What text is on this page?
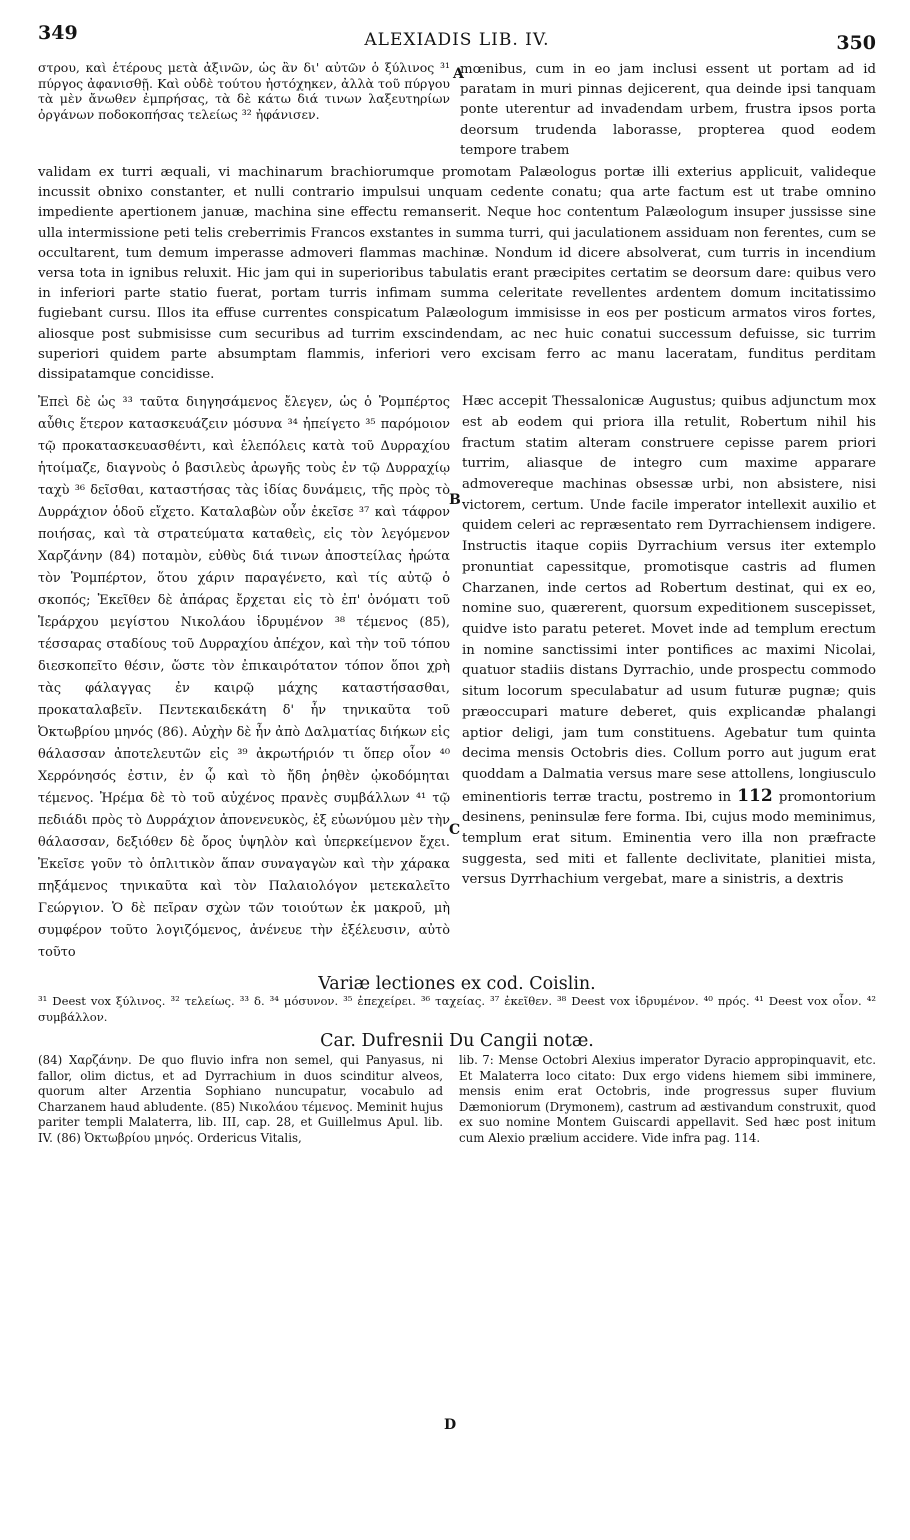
349	ALEXIADIS LIB. IV.	350
στρου, καὶ ἑτέρους μετὰ ἀξινῶν, ὡς ἂν δι' αὐτῶν ὁ ξύλινος ³¹ πύργος ἀφανισθῇ. Καὶ οὐδὲ τούτου ἠστόχηκεν, ἀλλὰ τοῦ πύργου τὰ μὲν ἄνωθεν ἐμπρήσας, τὰ δὲ κάτω διά τινων λαξευτηρίων ὀργάνων ποδοκοπήσας τελείως ³² ἠφάνισεν.
mœnibus, cum in eo jam inclusi essent ut portam ad id paratam in muri pinnas dejicerent, qua deinde ipsi tanquam ponte uterentur ad invadendam urbem, frustra ipsos porta deorsum trudenda laborasse, propterea quod eodem tempore trabem
A
validam ex turri æquali, vi machinarum brachiorumque promotam Palæologus portæ illi exterius applicuit, valideque incussit obnixo constanter, et nulli contrario impulsui unquam cedente conatu; qua arte factum est ut trabe omnino impediente apertionem januæ, machina sine effectu remanserit. Neque hoc contentum Palæologum insuper jussisse sine ulla intermissione peti telis creberrimis Francos exstantes in summa turri, qui jaculationem assiduam non ferentes, cum se occultarent, tum demum imperasse admoveri flammas machinæ. Nondum id dicere absolverat, cum turris in incendium versa tota in ignibus reluxit. Hic jam qui in superioribus tabulatis erant præcipites certatim se deorsum dare: quibus vero in inferiori parte statio fuerat, portam turris infimam summa celeritate revellentes ardentem domum incitatissimo fugiebant cursu. Illos ita effuse currentes conspicatum Palæologum immisisse in eos per posticum armatos viros fortes, aliosque post submisisse cum securibus ad turrim exscindendam, ac nec huic conatui successum defuisse, sic turrim superiori quidem parte absumptam flammis, inferiori vero excisam ferro ac manu laceratam, funditus perditam dissipatamque concidisse.
Ἐπεὶ δὲ ὡς ³³ ταῦτα διηγησάμενος ἔλεγεν, ὡς ὁ Ῥομπέρτος αὖθις ἕτερον κατασκευάζειν μόσυνα ³⁴ ἠπείγετο ³⁵ παρόμοιον τῷ προκατασκευασθέντι, καὶ ἑλεπόλεις κατὰ τοῦ Δυρραχίου ἡτοίμαζε, διαγνοὺς ὁ βασιλεὺς ἀρωγῆς τοὺς ἐν τῷ Δυρραχίῳ ταχὺ ³⁶ δεῖσθαι, καταστήσας τὰς ἰδίας δυνάμεις, τῆς πρὸς τὸ Δυρράχιον ὁδοῦ εἴχετο. Καταλαβὼν οὖν ἐκεῖσε ³⁷ καὶ τάφρον ποιήσας, καὶ τὰ στρατεύματα καταθεὶς, εἰς τὸν λεγόμενον Χαρζάνην (84) ποταμὸν, εὐθὺς διά τινων ἀποστείλας ἠρώτα τὸν Ῥομπέρτον, ὅτου χάριν παραγένετο, καὶ τίς αὐτῷ ὁ σκοπός; Ἐκεῖθεν δὲ ἀπάρας ἔρχεται εἰς τὸ ἐπ' ὀνόματι τοῦ Ἱεράρχου μεγίστου Νικολάου ἱδρυμένον ³⁸ τέμενος (85), τέσσαρας σταδίους τοῦ Δυρραχίου ἀπέχον, καὶ τὴν τοῦ τόπου διεσκοπεῖτο θέσιν, ὥστε τὸν ἐπικαιρότατον τόπον ὅποι χρὴ τὰς φάλαγγας ἐν καιρῷ μάχης καταστήσασθαι, προκαταλαβεῖν. Πεντεκαιδεκάτη δ' ἦν τηνικαῦτα τοῦ Ὀκτωβρίου μηνός (86). Αὐχὴν δὲ ἦν ἀπὸ Δαλματίας διήκων εἰς θάλασσαν ἀποτελευτῶν εἰς ³⁹ ἀκρωτήριόν τι ὅπερ οἷον ⁴⁰ Χερρόνησός ἐστιν, ἐν ᾧ καὶ τὸ ἤδη ῥηθὲν ᾠκοδόμηται τέμενος. Ἠρέμα δὲ τὸ τοῦ αὐχένος πρανὲς συμβάλλων ⁴¹ τῷ πεδιάδι πρὸς τὸ Δυρράχιον ἀπονενευκὸς, ἐξ εὐωνύμου μὲν τὴν θάλασσαν, δεξιόθεν δὲ ὄρος ὑψηλὸν καὶ ὑπερκείμενον ἔχει. Ἐκεῖσε γοῦν τὸ ὁπλιτικὸν ἅπαν συναγαγὼν καὶ τὴν χάρακα πηξάμενος τηνικαῦτα καὶ τὸν Παλαιολόγον μετεκαλεῖτο Γεώργιον. Ὁ δὲ πεῖραν σχὼν τῶν τοιούτων ἐκ μακροῦ, μὴ συμφέρον τοῦτο λογιζόμενος, ἀνένευε τὴν ἐξέλευσιν, αὐτὸ τοῦτο
Hæc accepit Thessalonicæ Augustus; quibus adjunctum mox est ab eodem qui priora illa retulit, Robertum nihil his fractum statim alteram construere cepisse parem priori turrim, aliasque de integro cum maxime apparare admovereque machinas obsessæ urbi, non absistere, nisi victorem, certum. Unde facile imperator intellexit auxilio et quidem celeri ac repræsentato rem Dyrrachiensem indigere. Instructis itaque copiis Dyrrachium versus iter extemplo pronuntiat capessitque, promotisque castris ad flumen Charzanen, inde certos ad Robertum destinat, qui ex eo, nomine suo, quærerent, quorsum expeditionem suscepisset, quidve isto paratu peteret. Movet inde ad templum erectum in nomine sanctissimi inter pontifices ac maximi Nicolai, quatuor stadiis distans Dyrrachio, unde prospectu commodo situm locorum speculabatur ad usum futuræ pugnæ; quis præoccupari mature deberet, quis explicandæ phalangi aptior deligi, jam tum constituens. Agebatur tum quinta decima mensis Octobris dies. Collum porro aut jugum erat quoddam a Dalmatia versus mare sese attollens, longiusculo eminentioris terræ tractu, postremo in 112 promontorium desinens, peninsulæ fere forma. Ibi, cujus modo meminimus, templum erat situm. Eminentia vero illa non præfracte suggesta, sed miti et fallente declivitate, planitiei mista, versus Dyrrhachium vergebat, mare a sinistris, a dextris
B
C
Variæ lectiones ex cod. Coislin.
³¹ Deest vox ξύλινος. ³² τελείως. ³³ δ. ³⁴ μόσυνον. ³⁵ ἐπεχείρει. ³⁶ ταχείας. ³⁷ ἐκεῖθεν. ³⁸ Deest vox ἱδρυμένον. ⁴⁰ πρός. ⁴¹ Deest vox οἷον. ⁴² συμβάλλον.
Car. Dufresnii Du Cangii notæ.
(84) Χαρζάνην. De quo fluvio infra non semel, qui Panyasus, ni fallor, olim dictus, et ad Dyrrachium in duos scinditur alveos, quorum alter Arzentia Sophiano nuncupatur, vocabulo ad Charzanem haud abludente. (85) Νικολάου τέμενος. Meminit hujus pariter templi Malaterra, lib. III, cap. 28, et Guillelmus Apul. lib. IV. (86) Ὀκτωβρίου μηνός. Ordericus Vitalis,
lib. 7: Mense Octobri Alexius imperator Dyracio appropinquavit, etc. Et Malaterra loco citato: Dux ergo videns hiemem sibi imminere, mensis enim erat Octobris, inde progressus super fluvium Dæmoniorum (Drymonem), castrum ad æstivandum construxit, quod ex suo nomine Montem Guiscardi appellavit. Sed hæc post initum cum Alexio prælium accidere. Vide infra pag. 114.
D
